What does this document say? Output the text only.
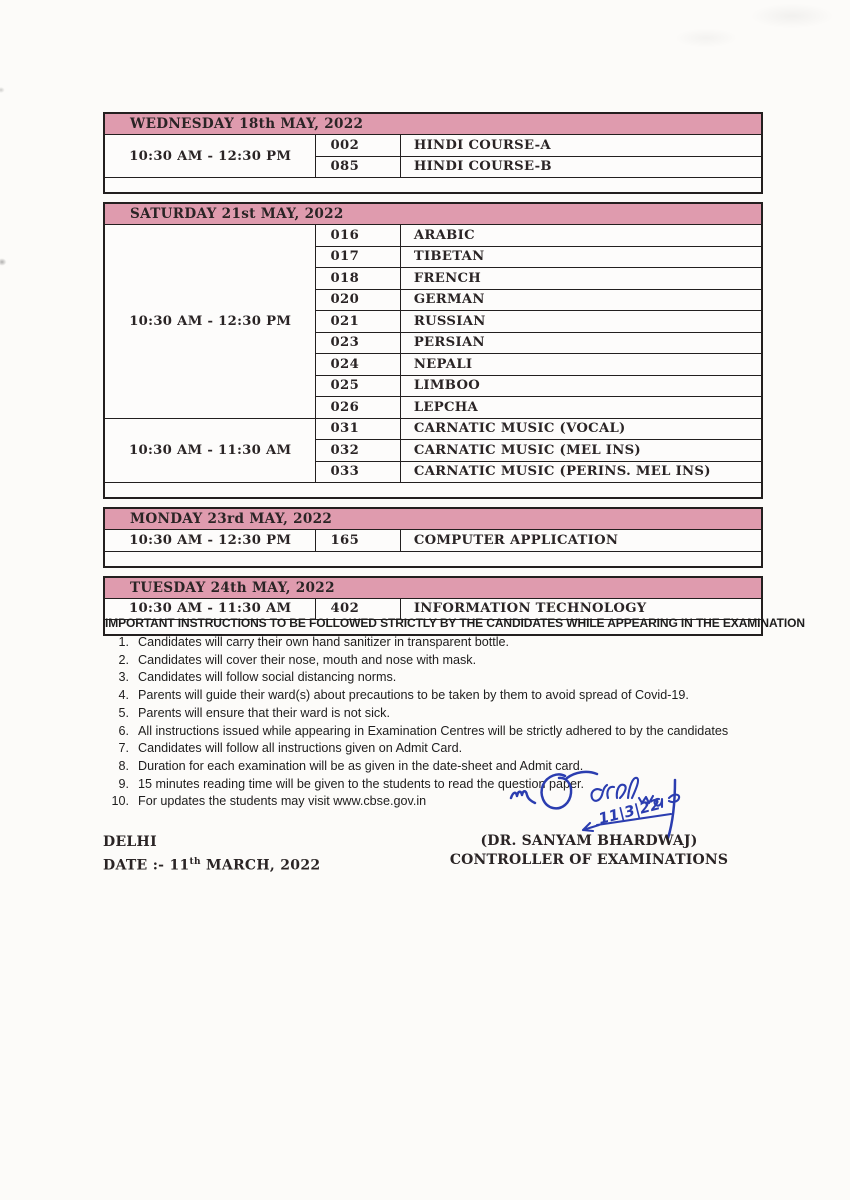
WEDNESDAY 18th MAY, 2022		
10:30 AM - 12:30 PM	002	HINDI COURSE-A
	085	HINDI COURSE-B

SATURDAY 21st MAY, 2022		
10:30 AM - 12:30 PM	016	ARABIC
	017	TIBETAN
	018	FRENCH
	020	GERMAN
	021	RUSSIAN
	023	PERSIAN
	024	NEPALI
	025	LIMBOO
	026	LEPCHA
10:30 AM - 11:30 AM	031	CARNATIC MUSIC (VOCAL)
	032	CARNATIC MUSIC (MEL INS)
	033	CARNATIC MUSIC (PERINS. MEL INS)

MONDAY 23rd MAY, 2022
10:30 AM - 12:30 PM	165	COMPUTER APPLICATION

TUESDAY 24th MAY, 2022
10:30 AM - 11:30 AM	402	INFORMATION TECHNOLOGY

IMPORTANT INSTRUCTIONS TO BE FOLLOWED STRICTLY BY THE CANDIDATES WHILE APPEARING IN THE EXAMINATION
1. Candidates will carry their own hand sanitizer in transparent bottle.
2. Candidates will cover their nose, mouth and nose with mask.
3. Candidates will follow social distancing norms.
4. Parents will guide their ward(s) about precautions to be taken by them to avoid spread of Covid-19.
5. Parents will ensure that their ward is not sick.
6. All instructions issued while appearing in Examination Centres will be strictly adhered to by the candidates
7. Candidates will follow all instructions given on Admit Card.
8. Duration for each examination will be as given in the date-sheet and Admit card.
9. 15 minutes reading time will be given to the students to read the question paper.
10. For updates the students may visit www.cbse.gov.in	11|3|22
DELHI
DATE :- 11th MARCH, 2022
(DR. SANYAM BHARDWAJ)
CONTROLLER OF EXAMINATIONS
